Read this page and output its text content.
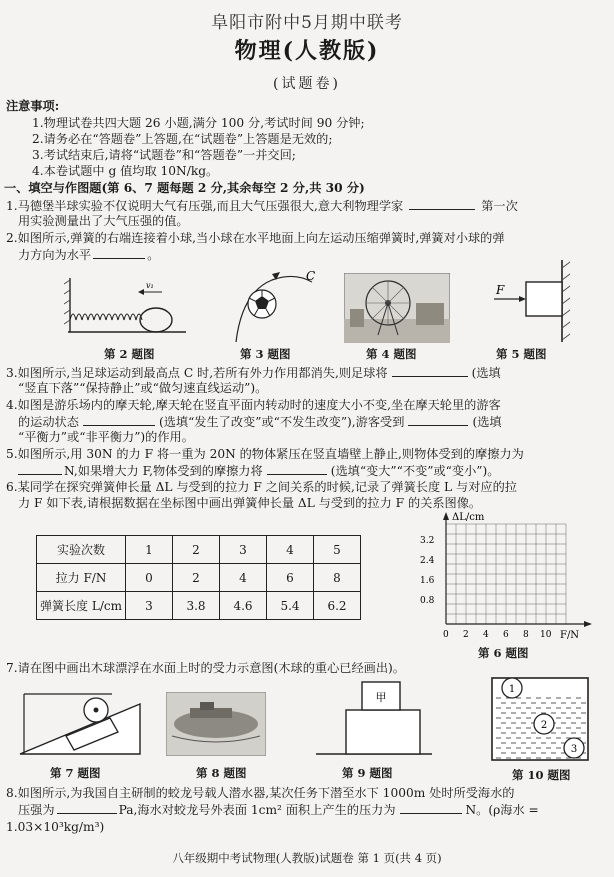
阜阳市附中5月期中联考
物理(人教版)
(试题卷)
注意事项:
1.物理试卷共四大题 26 小题,满分 100 分,考试时间 90 分钟;
2.请务必在“答题卷”上答题,在“试题卷”上答题是无效的;
3.考试结束后,请将“试题卷”和“答题卷”一并交回;
4.本卷试题中 g 值均取 10N/kg。
一、填空与作图题(第 6、7 题每题 2 分,其余每空 2 分,共 30 分)
1.马德堡半球实验不仅说明大气有压强,而且大气压强很大,意大利物理学家	第一次
用实验测量出了大气压强的值。
2.如图所示,弹簧的右端连接着小球,当小球在水平地面上向左运动压缩弹簧时,弹簧对小球的弹
力方向为水平	。
v₁
第 2 题图
C
第 3 题图	第 4 题图
F
第 5 题图
3.如图所示,当足球运动到最高点 C 时,若所有外力作用都消失,则足球将	(选填
“竖直下落”“保持静止”或“做匀速直线运动”)。
4.如图是游乐场内的摩天轮,摩天轮在竖直平面内转动时的速度大小不变,坐在摩天轮里的游客
的运动状态	(选填“发生了改变”或“不发生改变”),游客受到	(选填
“平衡力”或“非平衡力”)的作用。
5.如图所示,用 30N 的力 F 将一重为 20N 的物体紧压在竖直墙壁上静止,则物体受到的摩擦力为
N,如果增大力 F,物体受到的摩擦力将	(选填“变大”“不变”或“变小”)。
6.某同学在探究弹簧伸长量 ΔL 与受到的拉力 F 之间关系的时候,记录了弹簧长度 L 与对应的拉
力 F 如下表,请根据数据在坐标图中画出弹簧伸长量 ΔL 与受到的拉力 F 的关系图像。
实验次数	1	2	3	4	5
拉力 F/N	0	2	4	6	8
弹簧长度 L/cm	3	3.8	4.6	5.4	6.2
ΔL/cm
F/N
3.2
2.4
1.6
0.8
0 2 4 6 8 10
第 6 题图
7.请在图中画出木球漂浮在水面上时的受力示意图(木球的重心已经画出)。
第 7 题图	第 8 题图
甲
第 9 题图
1
2
3
第 10 题图
8.如图所示,为我国自主研制的蛟龙号载人潜水器,某次任务下潜至水下 1000m 处时所受海水的
压强为	Pa,海水对蛟龙号外表面 1cm² 面积上产生的压力为	N。(ρ海水 =
1.03×10³kg/m³)
八年级期中考试物理(人教版)试题卷 第 1 页(共 4 页)
